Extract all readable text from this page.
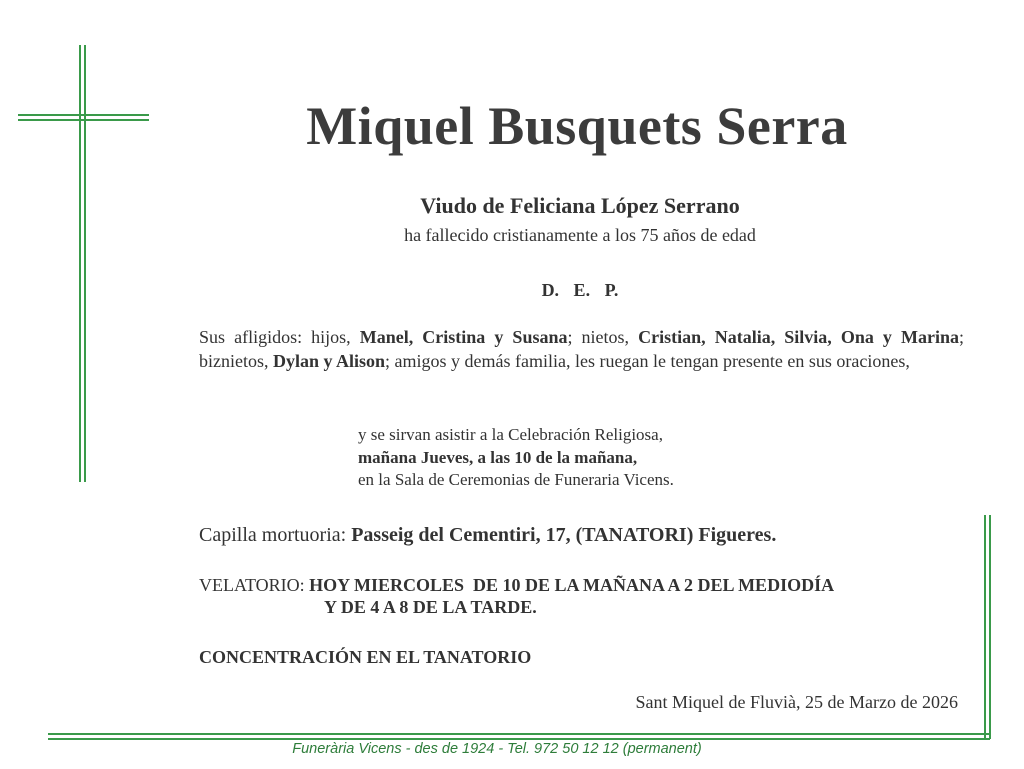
Miquel Busquets Serra
Viudo de Feliciana López Serrano
ha fallecido cristianamente a los 75 años de edad
D. E. P.
Sus afligidos: hijos, Manel, Cristina y Susana; nietos, Cristian, Natalia, Silvia, Ona y Marina; biznietos, Dylan y Alison; amigos y demás familia, les ruegan le tengan presente en sus oraciones,
y se sirvan asistir a la Celebración Religiosa,
mañana Jueves, a las 10 de la mañana,
en la Sala de Ceremonias de Funeraria Vicens.
Capilla mortuoria: Passeig del Cementiri, 17, (TANATORI) Figueres.
VELATORIO: HOY MIERCOLES  DE 10 DE LA MAÑANA A 2 DEL MEDIODÍA
Y DE 4 A 8 DE LA TARDE.
CONCENTRACIÓN EN EL TANATORIO
Sant Miquel de Fluvià, 25 de Marzo de 2026
Funerària Vicens - des de 1924 - Tel. 972 50 12 12 (permanent)
